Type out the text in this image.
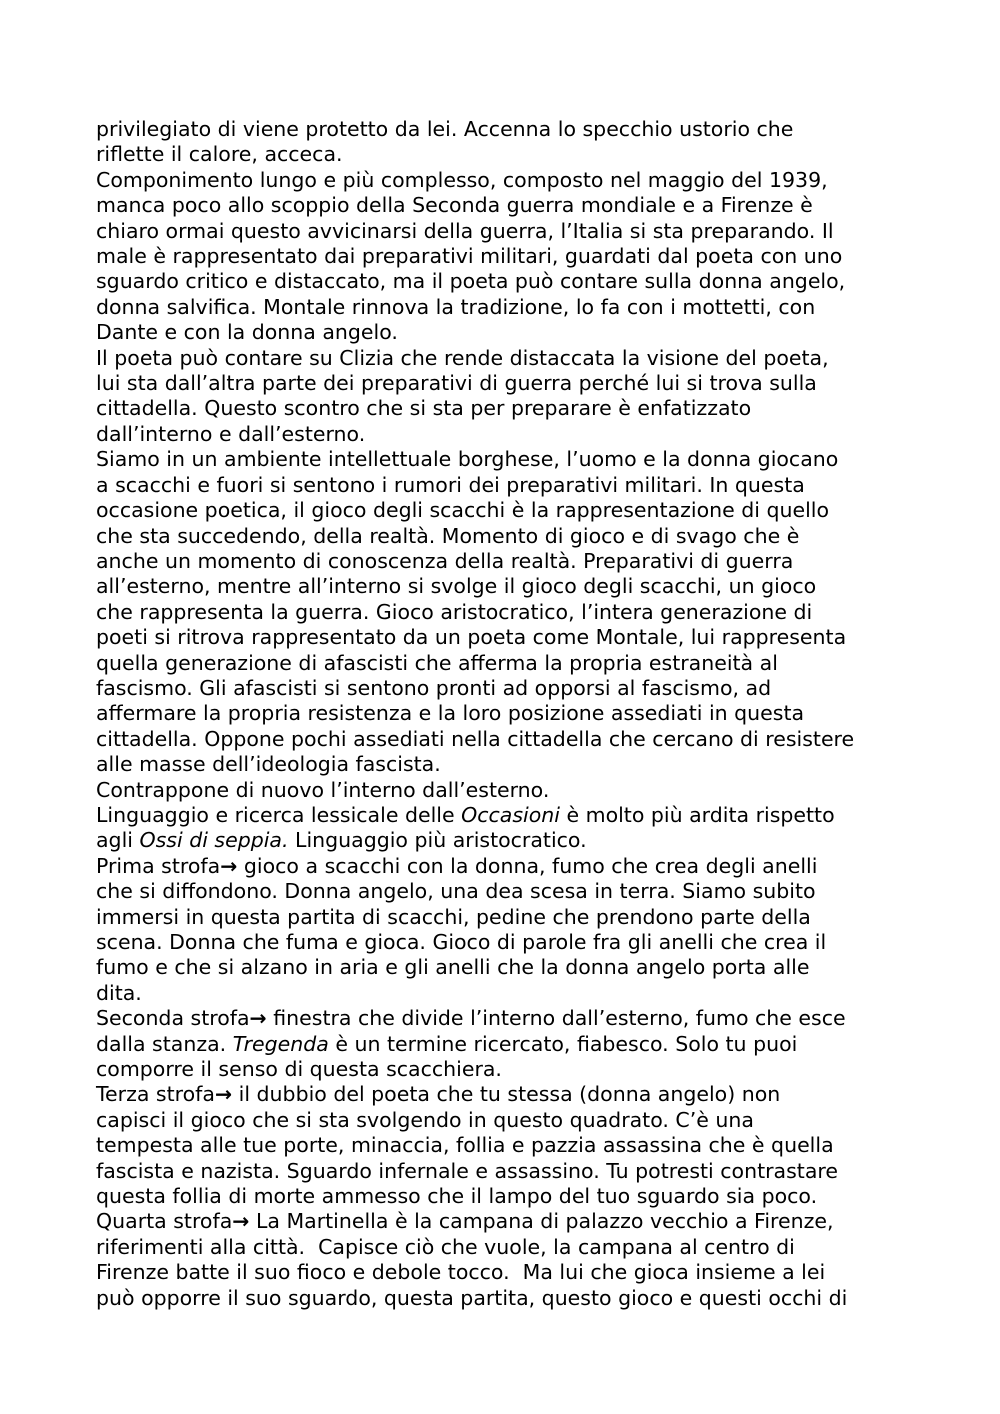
privilegiato di viene protetto da lei. Accenna lo specchio ustorio che
riflette il calore, acceca.
Componimento lungo e più complesso, composto nel maggio del 1939,
manca poco allo scoppio della Seconda guerra mondiale e a Firenze è
chiaro ormai questo avvicinarsi della guerra, l’Italia si sta preparando. Il
male è rappresentato dai preparativi militari, guardati dal poeta con uno
sguardo critico e distaccato, ma il poeta può contare sulla donna angelo,
donna salvifica. Montale rinnova la tradizione, lo fa con i mottetti, con
Dante e con la donna angelo.
Il poeta può contare su Clizia che rende distaccata la visione del poeta,
lui sta dall’altra parte dei preparativi di guerra perché lui si trova sulla
cittadella. Questo scontro che si sta per preparare è enfatizzato
dall’interno e dall’esterno.
Siamo in un ambiente intellettuale borghese, l’uomo e la donna giocano
a scacchi e fuori si sentono i rumori dei preparativi militari. In questa
occasione poetica, il gioco degli scacchi è la rappresentazione di quello
che sta succedendo, della realtà. Momento di gioco e di svago che è
anche un momento di conoscenza della realtà. Preparativi di guerra
all’esterno, mentre all’interno si svolge il gioco degli scacchi, un gioco
che rappresenta la guerra. Gioco aristocratico, l’intera generazione di
poeti si ritrova rappresentato da un poeta come Montale, lui rappresenta
quella generazione di afascisti che afferma la propria estraneità al
fascismo. Gli afascisti si sentono pronti ad opporsi al fascismo, ad
affermare la propria resistenza e la loro posizione assediati in questa
cittadella. Oppone pochi assediati nella cittadella che cercano di resistere
alle masse dell’ideologia fascista.
Contrappone di nuovo l’interno dall’esterno.
Linguaggio e ricerca lessicale delle Occasioni è molto più ardita rispetto
agli Ossi di seppia. Linguaggio più aristocratico.
Prima strofa→ gioco a scacchi con la donna, fumo che crea degli anelli
che si diffondono. Donna angelo, una dea scesa in terra. Siamo subito
immersi in questa partita di scacchi, pedine che prendono parte della
scena. Donna che fuma e gioca. Gioco di parole fra gli anelli che crea il
fumo e che si alzano in aria e gli anelli che la donna angelo porta alle
dita.
Seconda strofa→ finestra che divide l’interno dall’esterno, fumo che esce
dalla stanza. Tregenda è un termine ricercato, fiabesco. Solo tu puoi
comporre il senso di questa scacchiera.
Terza strofa→ il dubbio del poeta che tu stessa (donna angelo) non
capisci il gioco che si sta svolgendo in questo quadrato. C’è una
tempesta alle tue porte, minaccia, follia e pazzia assassina che è quella
fascista e nazista. Sguardo infernale e assassino. Tu potresti contrastare
questa follia di morte ammesso che il lampo del tuo sguardo sia poco.
Quarta strofa→ La Martinella è la campana di palazzo vecchio a Firenze,
riferimenti alla città.  Capisce ciò che vuole, la campana al centro di
Firenze batte il suo fioco e debole tocco.  Ma lui che gioca insieme a lei
può opporre il suo sguardo, questa partita, questo gioco e questi occhi di
